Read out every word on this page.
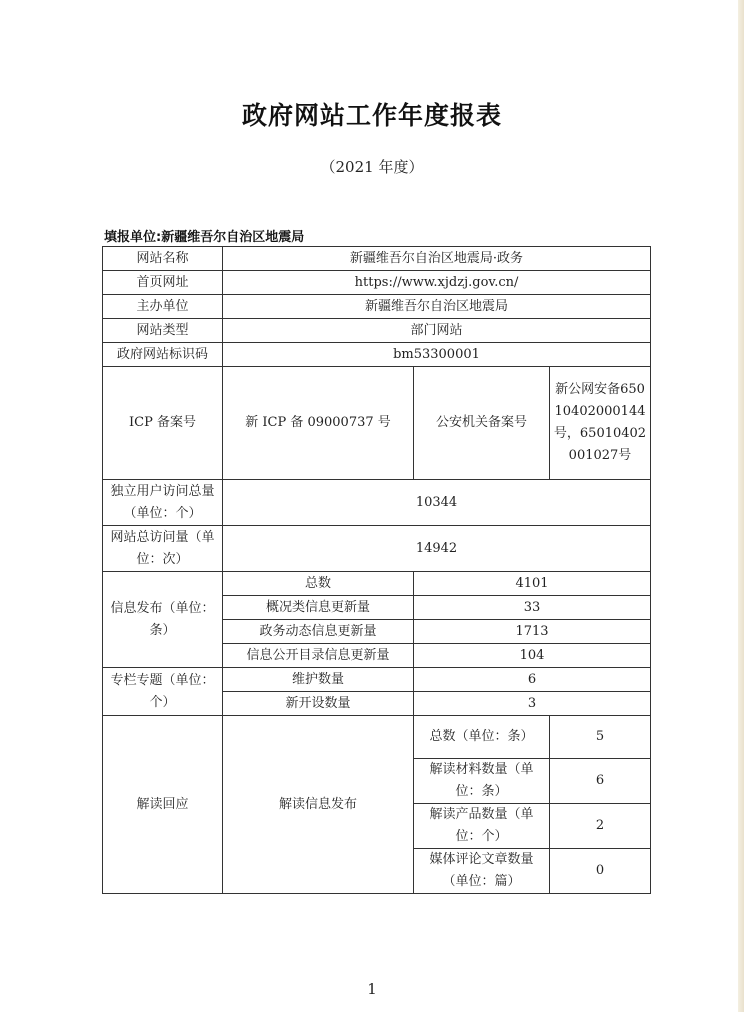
政府网站工作年度报表
（2021 年度）
填报单位:新疆维吾尔自治区地震局
网站名称	新疆维吾尔自治区地震局·政务		
首页网址	https://www.xjdzj.gov.cn/		
主办单位	新疆维吾尔自治区地震局		
网站类型	部门网站		
政府网站标识码	bm53300001		
ICP 备案号	新 ICP 备 09000737 号	公安机关备案号	新公网安备65010402000144号，65010402001027号
独立用户访问总量（单位：个）	10344		
网站总访问量（单位：次）	14942		
信息发布（单位：条）	总数	4101	
	概况类信息更新量	33	
	政务动态信息更新量	1713	
	信息公开目录信息更新量	104	
专栏专题（单位：个）	维护数量	6	
	新开设数量	3	
解读回应	解读信息发布	总数（单位：条）	5
		解读材料数量（单位：条）	6
		解读产品数量（单位：个）	2
		媒体评论文章数量（单位：篇）	0
1
